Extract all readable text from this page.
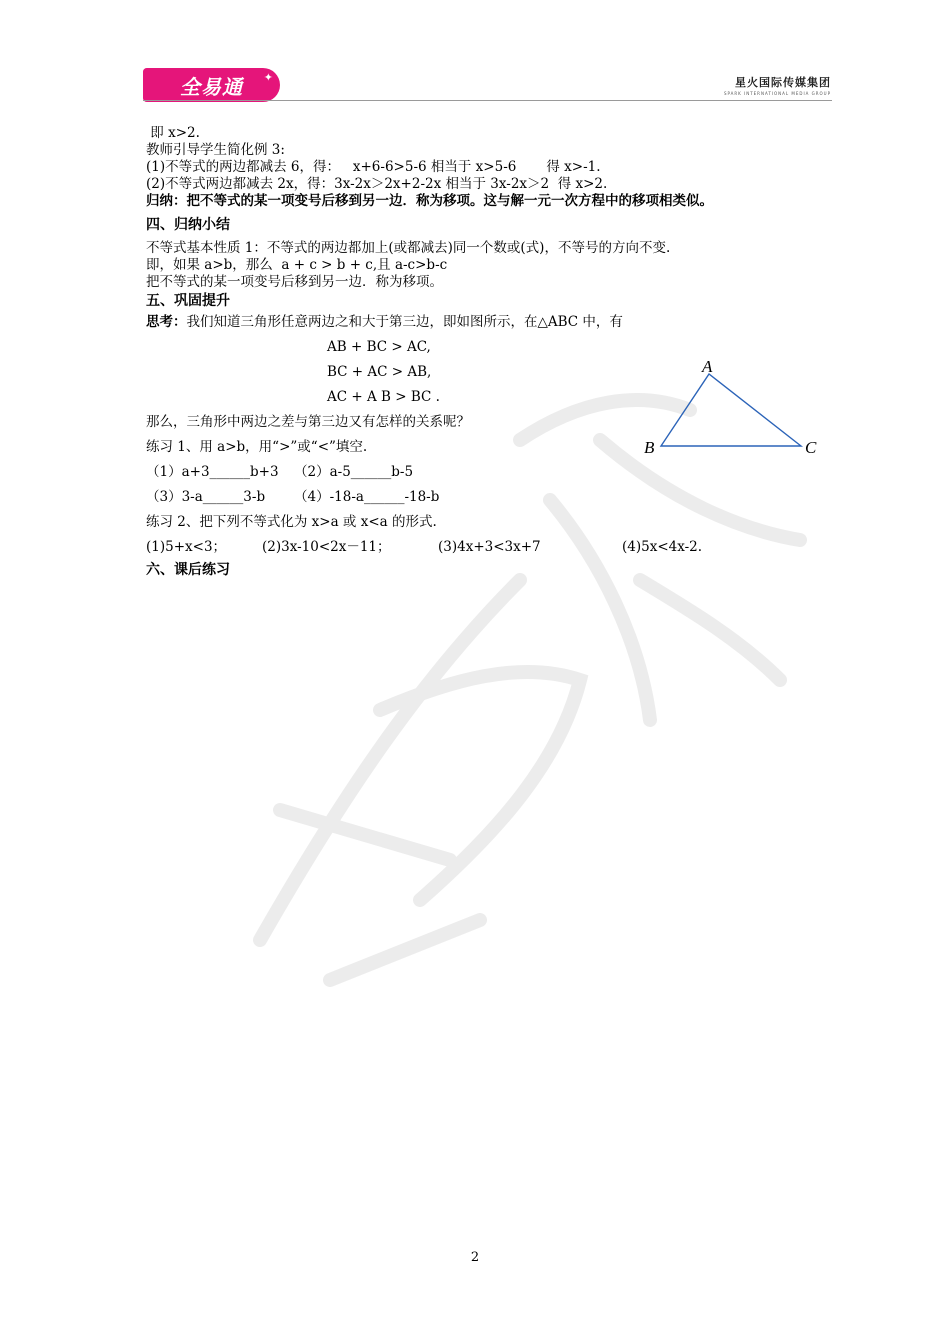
全易通 ✦	星火国际传媒集团
SPARK INTERNATIONAL MEDIA GROUP
即 x>2.
教师引导学生简化例 3:
(1)不等式的两边都减去 6，得：   x+6-6>5-6 相当于 x>5-6       得 x>-1.
(2)不等式两边都减去 2x，得：3x-2x＞2x+2-2x 相当于 3x-2x＞2  得 x>2.
归纳：把不等式的某一项变号后移到另一边．称为移项。这与解一元一次方程中的移项相类似。
四、归纳小结
不等式基本性质 1：不等式的两边都加上(或都减去)同一个数或(式)，不等号的方向不变.
即，如果 a>b，那么  a + c > b + c,且 a-c>b-c
把不等式的某一项变号后移到另一边．称为移项。
五、巩固提升
思考：我们知道三角形任意两边之和大于第三边，即如图所示，在△ABC 中，有
AB + BC > AC,
BC + AC > AB,
AC + A B > BC .
那么，三角形中两边之差与第三边又有怎样的关系呢？
练习 1、用 a>b，用“>”或“<”填空.
（1）a+3______b+3	（2）a-5______b-5
（3）3-a______3-b	（4）-18-a______-18-b
练习 2、把下列不等式化为 x>a 或 x<a 的形式.
(1)5+x<3；	(2)3x-10<2x－11；	(3)4x+3<3x+7	(4)5x<4x-2.
六、课后练习
A
B	C
2
